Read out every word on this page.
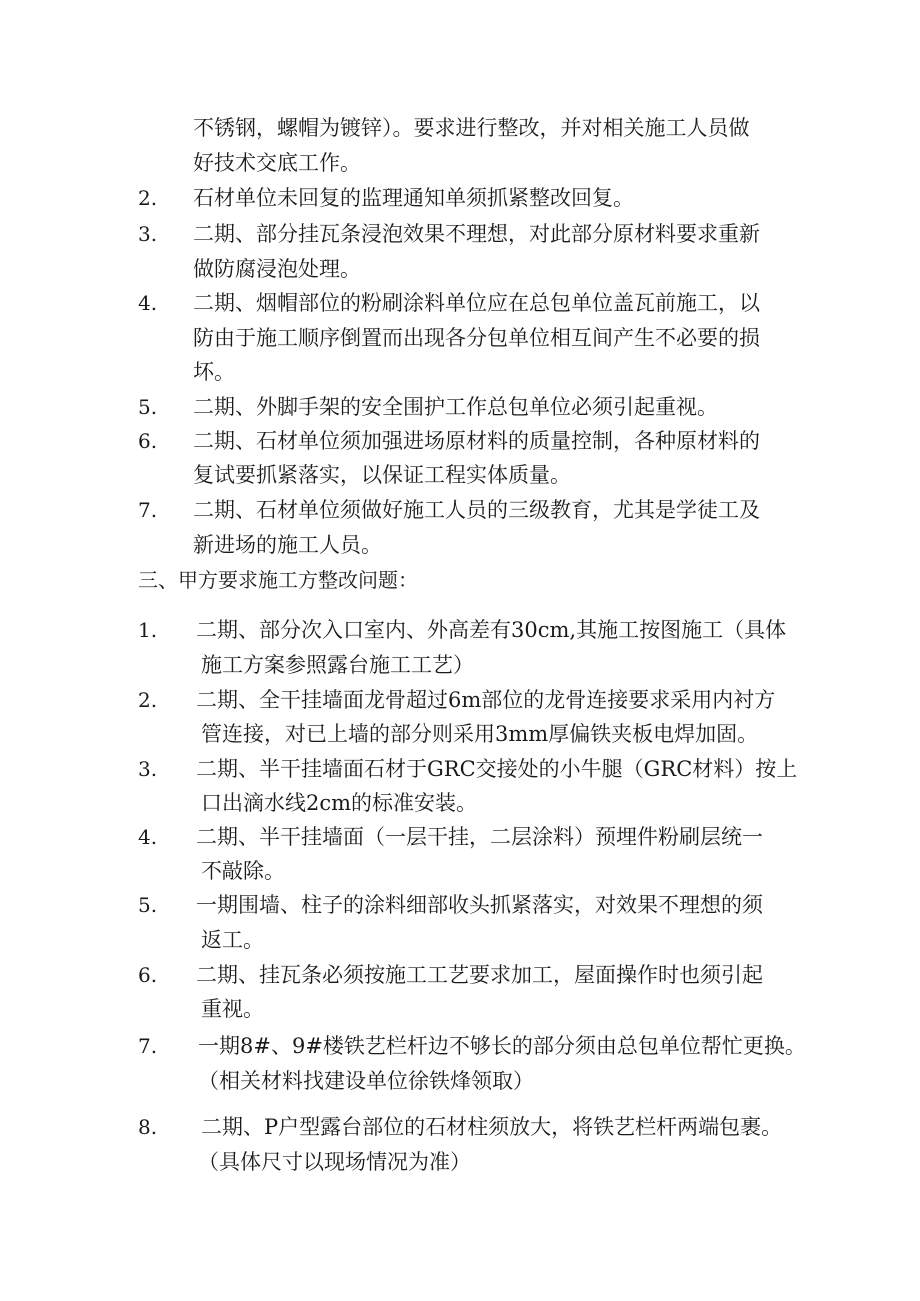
不锈钢，螺帽为镀锌）。要求进行整改，并对相关施工人员做
好技术交底工作。
2. 石材单位未回复的监理通知单须抓紧整改回复。
3. 二期、部分挂瓦条浸泡效果不理想，对此部分原材料要求重新
做防腐浸泡处理。
4. 二期、烟帽部位的粉刷涂料单位应在总包单位盖瓦前施工，以
防由于施工顺序倒置而出现各分包单位相互间产生不必要的损
坏。
5. 二期、外脚手架的安全围护工作总包单位必须引起重视。
6. 二期、石材单位须加强进场原材料的质量控制，各种原材料的
复试要抓紧落实，以保证工程实体质量。
7. 二期、石材单位须做好施工人员的三级教育，尤其是学徒工及
新进场的施工人员。
三、甲方要求施工方整改问题：
1. 二期、部分次入口室内、外高差有30cm,其施工按图施工（具体
施工方案参照露台施工工艺）
2. 二期、全干挂墙面龙骨超过6m部位的龙骨连接要求采用内衬方
管连接，对已上墙的部分则采用3mm厚偏铁夹板电焊加固。
3. 二期、半干挂墙面石材于GRC交接处的小牛腿（GRC材料）按上
口出滴水线2cm的标准安装。
4. 二期、半干挂墙面（一层干挂，二层涂料）预埋件粉刷层统一
不敲除。
5. 一期围墙、柱子的涂料细部收头抓紧落实，对效果不理想的须
返工。
6. 二期、挂瓦条必须按施工工艺要求加工，屋面操作时也须引起
重视。
7. 一期8#、9#楼铁艺栏杆边不够长的部分须由总包单位帮忙更换。
（相关材料找建设单位徐铁烽领取）
8. 二期、P户型露台部位的石材柱须放大，将铁艺栏杆两端包裹。
（具体尺寸以现场情况为准）
